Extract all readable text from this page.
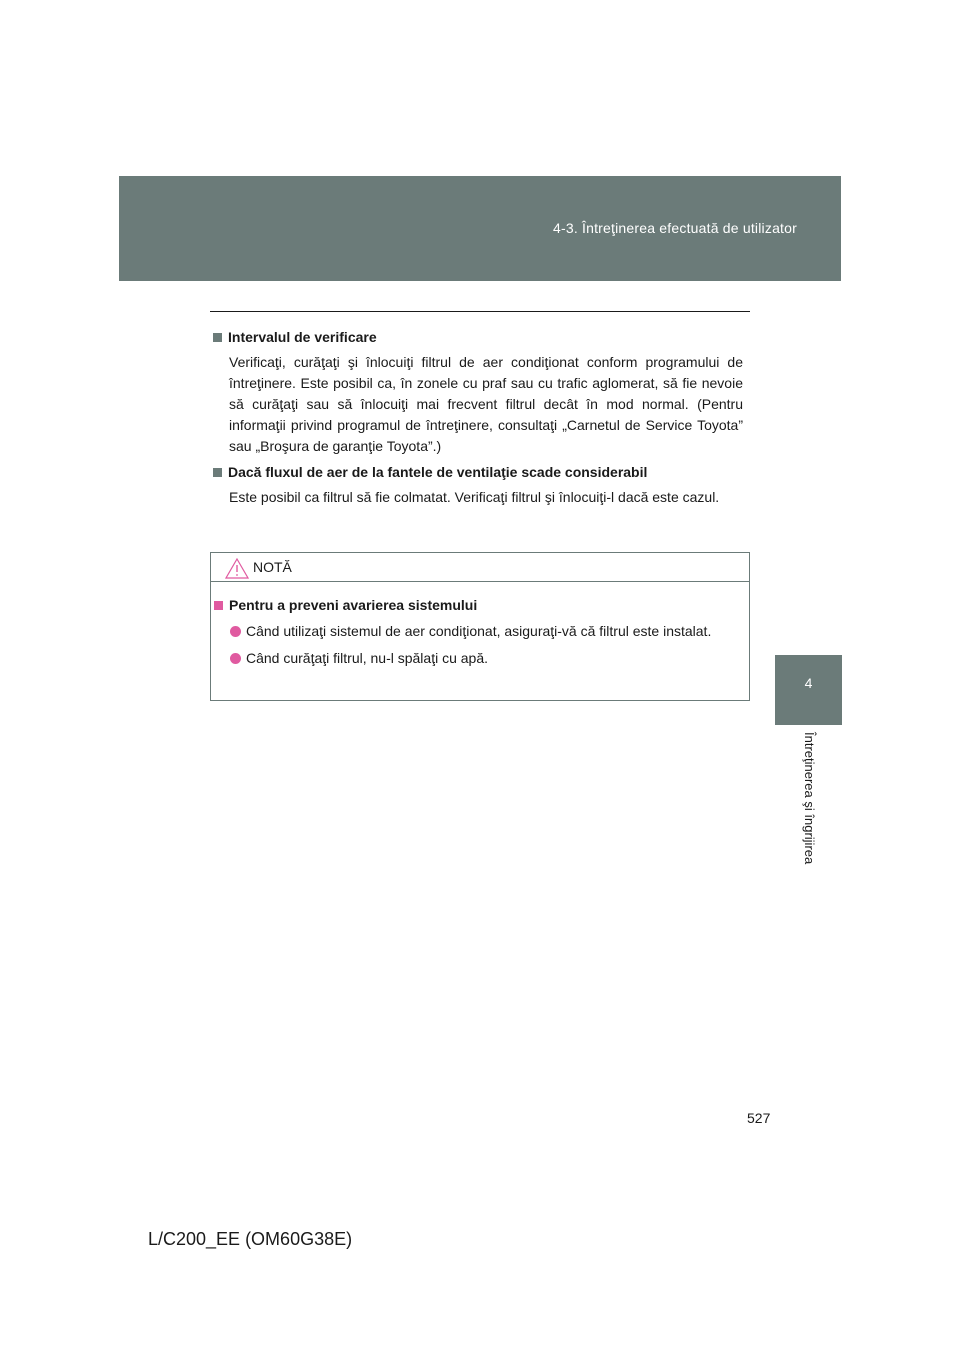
4-3. Întreţinerea efectuată de utilizator
4
Întreţinerea şi îngrijirea
Intervalul de verificare

Verificaţi, curăţaţi şi înlocuiţi filtrul de aer condiţionat conform programului de întreţinere. Este posibil ca, în zonele cu praf sau cu trafic aglomerat, să fie nevoie să curăţaţi sau să înlocuiţi mai frecvent filtrul decât în mod normal. (Pentru informaţii privind programul de întreţinere, consultaţi „Carnetul de Service Toyota” sau „Broşura de garanţie Toyota”.)

Dacă fluxul de aer de la fantele de ventilaţie scade considerabil

Este posibil ca filtrul să fie colmatat. Verificaţi filtrul şi înlocuiţi-l dacă este cazul.

NOTĂ
Pentru a preveni avarierea sistemului
Când utilizaţi sistemul de aer condiţionat, asiguraţi-vă că filtrul este instalat.
Când curăţaţi filtrul, nu-l spălaţi cu apă.
527
L/C200_EE (OM60G38E)
